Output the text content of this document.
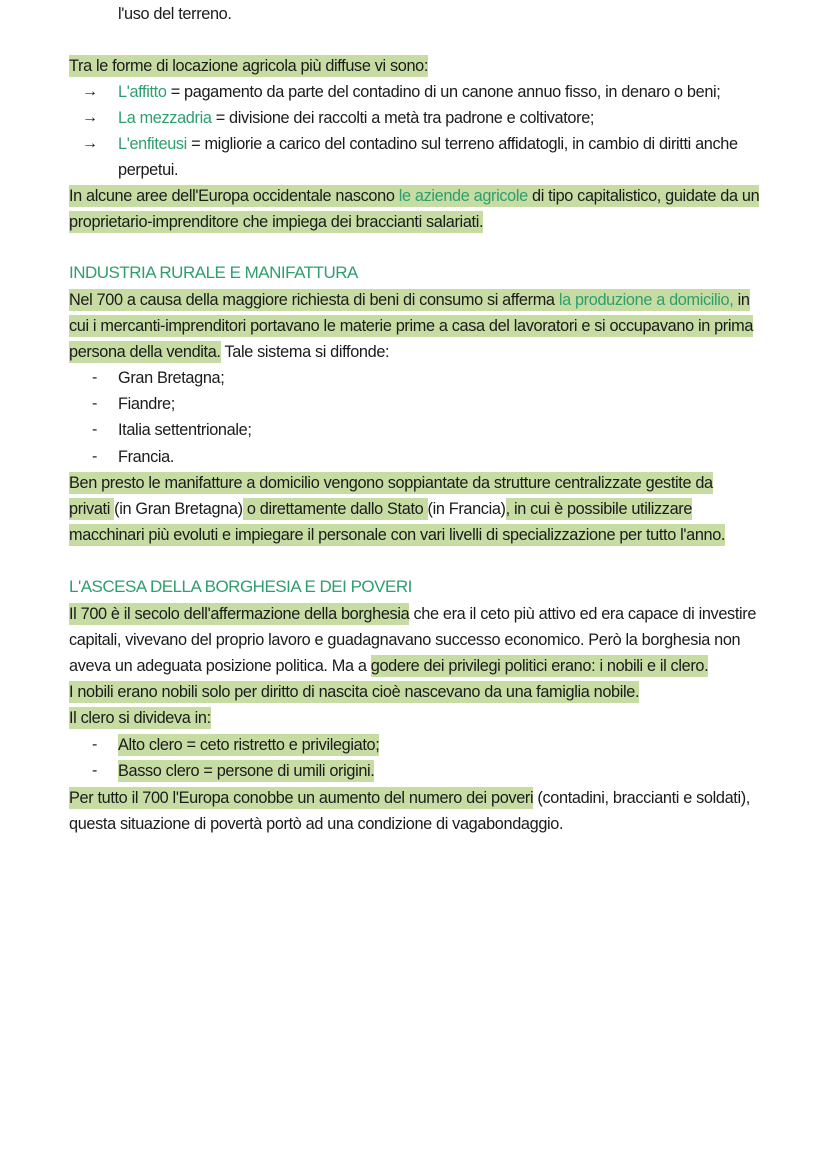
l'uso del terreno.
Tra le forme di locazione agricola più diffuse vi sono:
→ L'affitto = pagamento da parte del contadino di un canone annuo fisso, in denaro o beni;
→ La mezzadria = divisione dei raccolti a metà tra padrone e coltivatore;
→ L'enfiteusi = migliorie a carico del contadino sul terreno affidatogli, in cambio di diritti anche
perpetui.
In alcune aree dell'Europa occidentale nascono le aziende agricole di tipo capitalistico, guidate da un
proprietario-imprenditore che impiega dei braccianti salariati.
INDUSTRIA RURALE E MANIFATTURA
Nel 700 a causa della maggiore richiesta di beni di consumo si afferma la produzione a domicilio, in
cui i mercanti-imprenditori portavano le materie prime a casa del lavoratori e si occupavano in prima
persona della vendita. Tale sistema si diffonde:
- Gran Bretagna;
- Fiandre;
- Italia settentrionale;
- Francia.
Ben presto le manifatture a domicilio vengono soppiantate da strutture centralizzate gestite da
privati (in Gran Bretagna) o direttamente dallo Stato (in Francia), in cui è possibile utilizzare
macchinari più evoluti e impiegare il personale con vari livelli di specializzazione per tutto l'anno.
L'ASCESA DELLA BORGHESIA E DEI POVERI
Il 700 è il secolo dell'affermazione della borghesia che era il ceto più attivo ed era capace di investire
capitali, vivevano del proprio lavoro e guadagnavano successo economico. Però la borghesia non
aveva un adeguata posizione politica. Ma a godere dei privilegi politici erano: i nobili e il clero.
I nobili erano nobili solo per diritto di nascita cioè nascevano da una famiglia nobile.
Il clero si divideva in:
- Alto clero = ceto ristretto e privilegiato;
- Basso clero = persone di umili origini.
Per tutto il 700 l'Europa conobbe un aumento del numero dei poveri (contadini, braccianti e soldati),
questa situazione di povertà portò ad una condizione di vagabondaggio.
